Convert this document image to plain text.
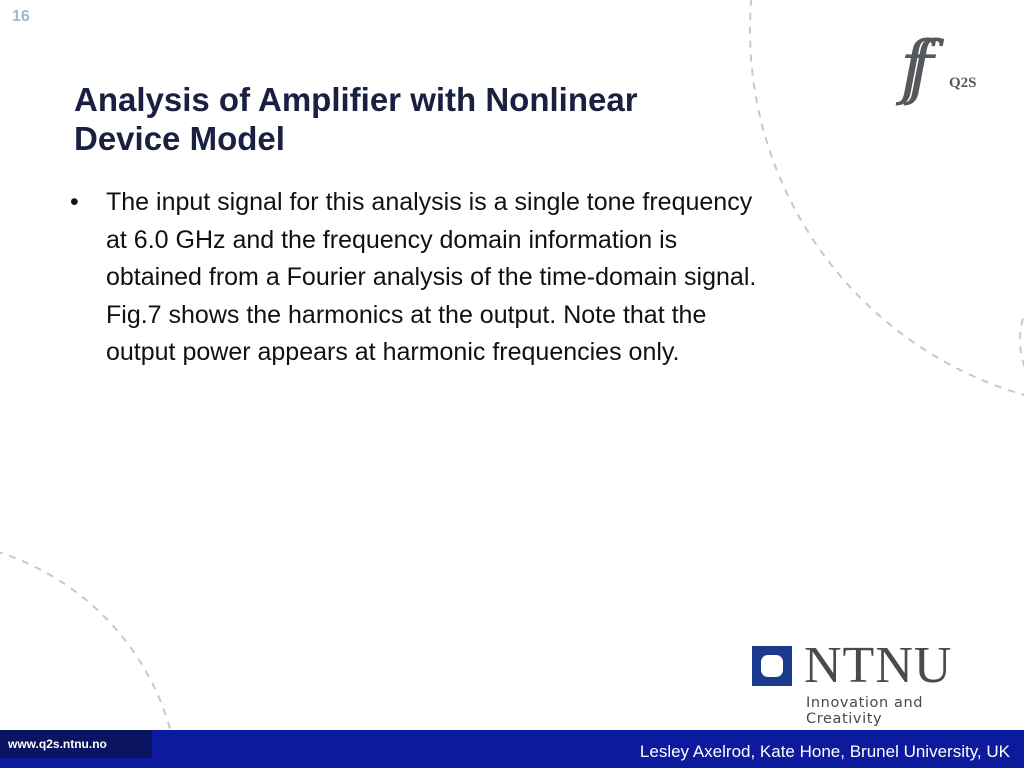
16
Analysis of Amplifier with Nonlinear
Device Model
• The input signal for this analysis is a single tone frequency
at 6.0 GHz and the frequency domain information is
obtained from a Fourier analysis of the time-domain signal.
Fig.7 shows the harmonics at the output. Note that the
output power appears at harmonic frequencies only.
ff Q2S
NTNU
Innovation and Creativity
www.q2s.ntnu.no	Lesley Axelrod, Kate Hone, Brunel University, UK
